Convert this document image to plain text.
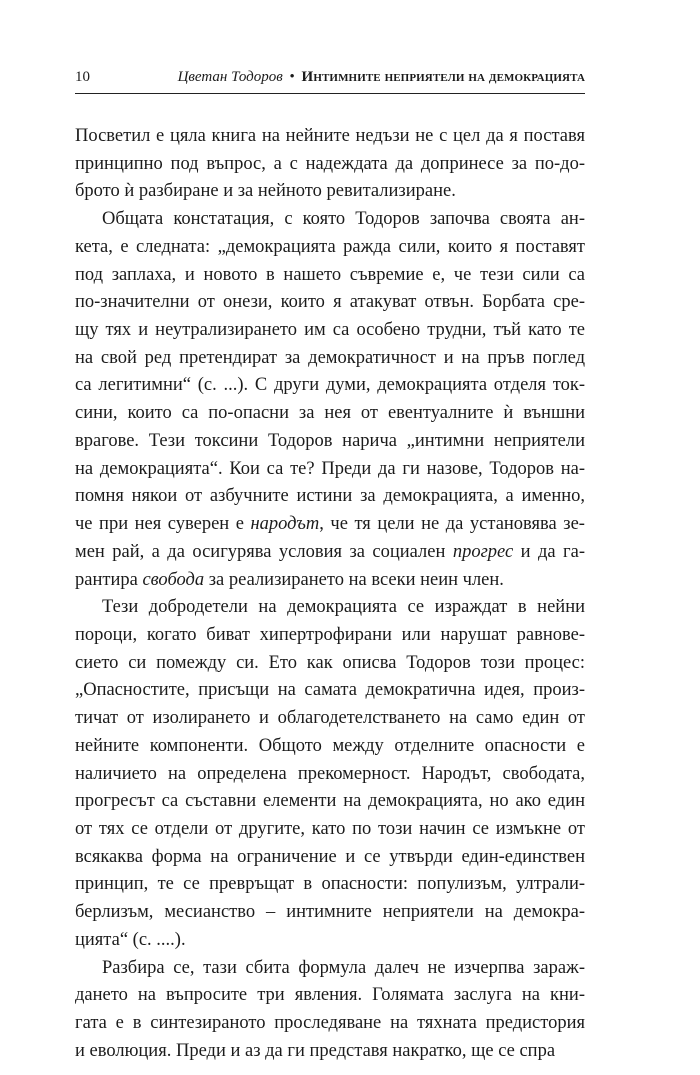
10	Цветан Тодоров • Интимните неприятели на демокрацията
Посветил е цяла книга на нейните недъзи не с цел да я поставя
принципно под въпрос, а с надеждата да допринесе за по-до-
брото ѝ разбиране и за нейното ревитализиране.
Общата констатация, с която Тодоров започва своята ан-
кета, е следната: „демокрацията ражда сили, които я поставят
под заплаха, и новото в нашето съвремие е, че тези сили са
по-значителни от онези, които я атакуват отвън. Борбата сре-
щу тях и неутрализирането им са особено трудни, тъй като те
на свой ред претендират за демократичност и на пръв поглед
са легитимни“ (с. ...). С други думи, демокрацията отделя ток-
сини, които са по-опасни за нея от евентуалните ѝ външни
врагове. Тези токсини Тодоров нарича „интимни неприятели
на демокрацията“. Кои са те? Преди да ги назове, Тодоров на-
помня някои от азбучните истини за демокрацията, а именно,
че при нея суверен е народът, че тя цели не да установява зе-
мен рай, а да осигурява условия за социален прогрес и да га-
рантира свобода за реализирането на всеки неин член.
Тези добродетели на демокрацията се израждат в нейни
пороци, когато биват хипертрофирани или нарушат равнове-
сието си помежду си. Ето как описва Тодоров този процес:
„Опасностите, присъщи на самата демократична идея, произ-
тичат от изолирането и облагодетелстването на само един от
нейните компоненти. Общото между отделните опасности е
наличието на определена прекомерност. Народът, свободата,
прогресът са съставни елементи на демокрацията, но ако един
от тях се отдели от другите, като по този начин се измъкне от
всякаква форма на ограничение и се утвърди един-единствен
принцип, те се превръщат в опасности: популизъм, ултрали-
берлизъм, месианство – интимните неприятели на демокра-
цията“ (с. ....).
Разбира се, тази сбита формула далеч не изчерпва зараж-
дането на въпросите три явления. Голямата заслуга на кни-
гата е в синтезираното проследяване на тяхната предистория
и еволюция. Преди и аз да ги представя накратко, ще се спра
